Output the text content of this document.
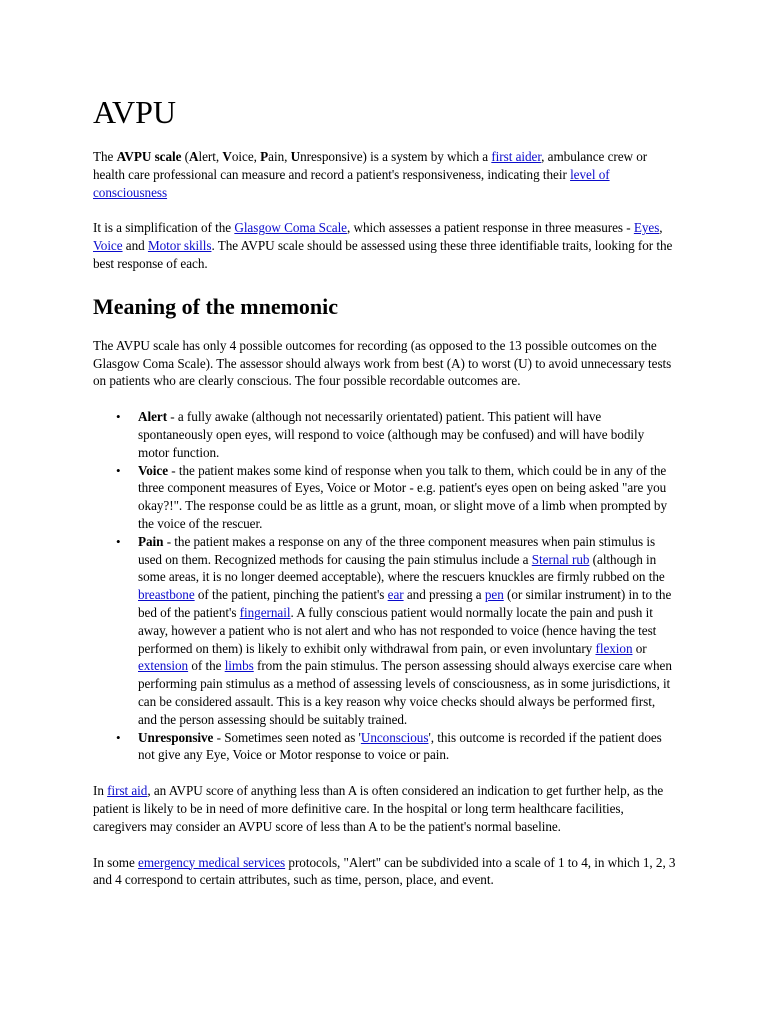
AVPU

The AVPU scale (Alert, Voice, Pain, Unresponsive) is a system by which a first aider, ambulance crew or health care professional can measure and record a patient's responsiveness, indicating their level of consciousness

It is a simplification of the Glasgow Coma Scale, which assesses a patient response in three measures - Eyes, Voice and Motor skills. The AVPU scale should be assessed using these three identifiable traits, looking for the best response of each.

Meaning of the mnemonic

The AVPU scale has only 4 possible outcomes for recording (as opposed to the 13 possible outcomes on the Glasgow Coma Scale). The assessor should always work from best (A) to worst (U) to avoid unnecessary tests on patients who are clearly conscious. The four possible recordable outcomes are.

• Alert - a fully awake (although not necessarily orientated) patient. This patient will have spontaneously open eyes, will respond to voice (although may be confused) and will have bodily motor function.
• Voice - the patient makes some kind of response when you talk to them, which could be in any of the three component measures of Eyes, Voice or Motor - e.g. patient's eyes open on being asked "are you okay?!". The response could be as little as a grunt, moan, or slight move of a limb when prompted by the voice of the rescuer.
• Pain - the patient makes a response on any of the three component measures when pain stimulus is used on them. Recognized methods for causing the pain stimulus include a Sternal rub (although in some areas, it is no longer deemed acceptable), where the rescuers knuckles are firmly rubbed on the breastbone of the patient, pinching the patient's ear and pressing a pen (or similar instrument) in to the bed of the patient's fingernail. A fully conscious patient would normally locate the pain and push it away, however a patient who is not alert and who has not responded to voice (hence having the test performed on them) is likely to exhibit only withdrawal from pain, or even involuntary flexion or extension of the limbs from the pain stimulus. The person assessing should always exercise care when performing pain stimulus as a method of assessing levels of consciousness, as in some jurisdictions, it can be considered assault. This is a key reason why voice checks should always be performed first, and the person assessing should be suitably trained.
• Unresponsive - Sometimes seen noted as 'Unconscious', this outcome is recorded if the patient does not give any Eye, Voice or Motor response to voice or pain.

In first aid, an AVPU score of anything less than A is often considered an indication to get further help, as the patient is likely to be in need of more definitive care. In the hospital or long term healthcare facilities, caregivers may consider an AVPU score of less than A to be the patient's normal baseline.

In some emergency medical services protocols, "Alert" can be subdivided into a scale of 1 to 4, in which 1, 2, 3 and 4 correspond to certain attributes, such as time, person, place, and event.
